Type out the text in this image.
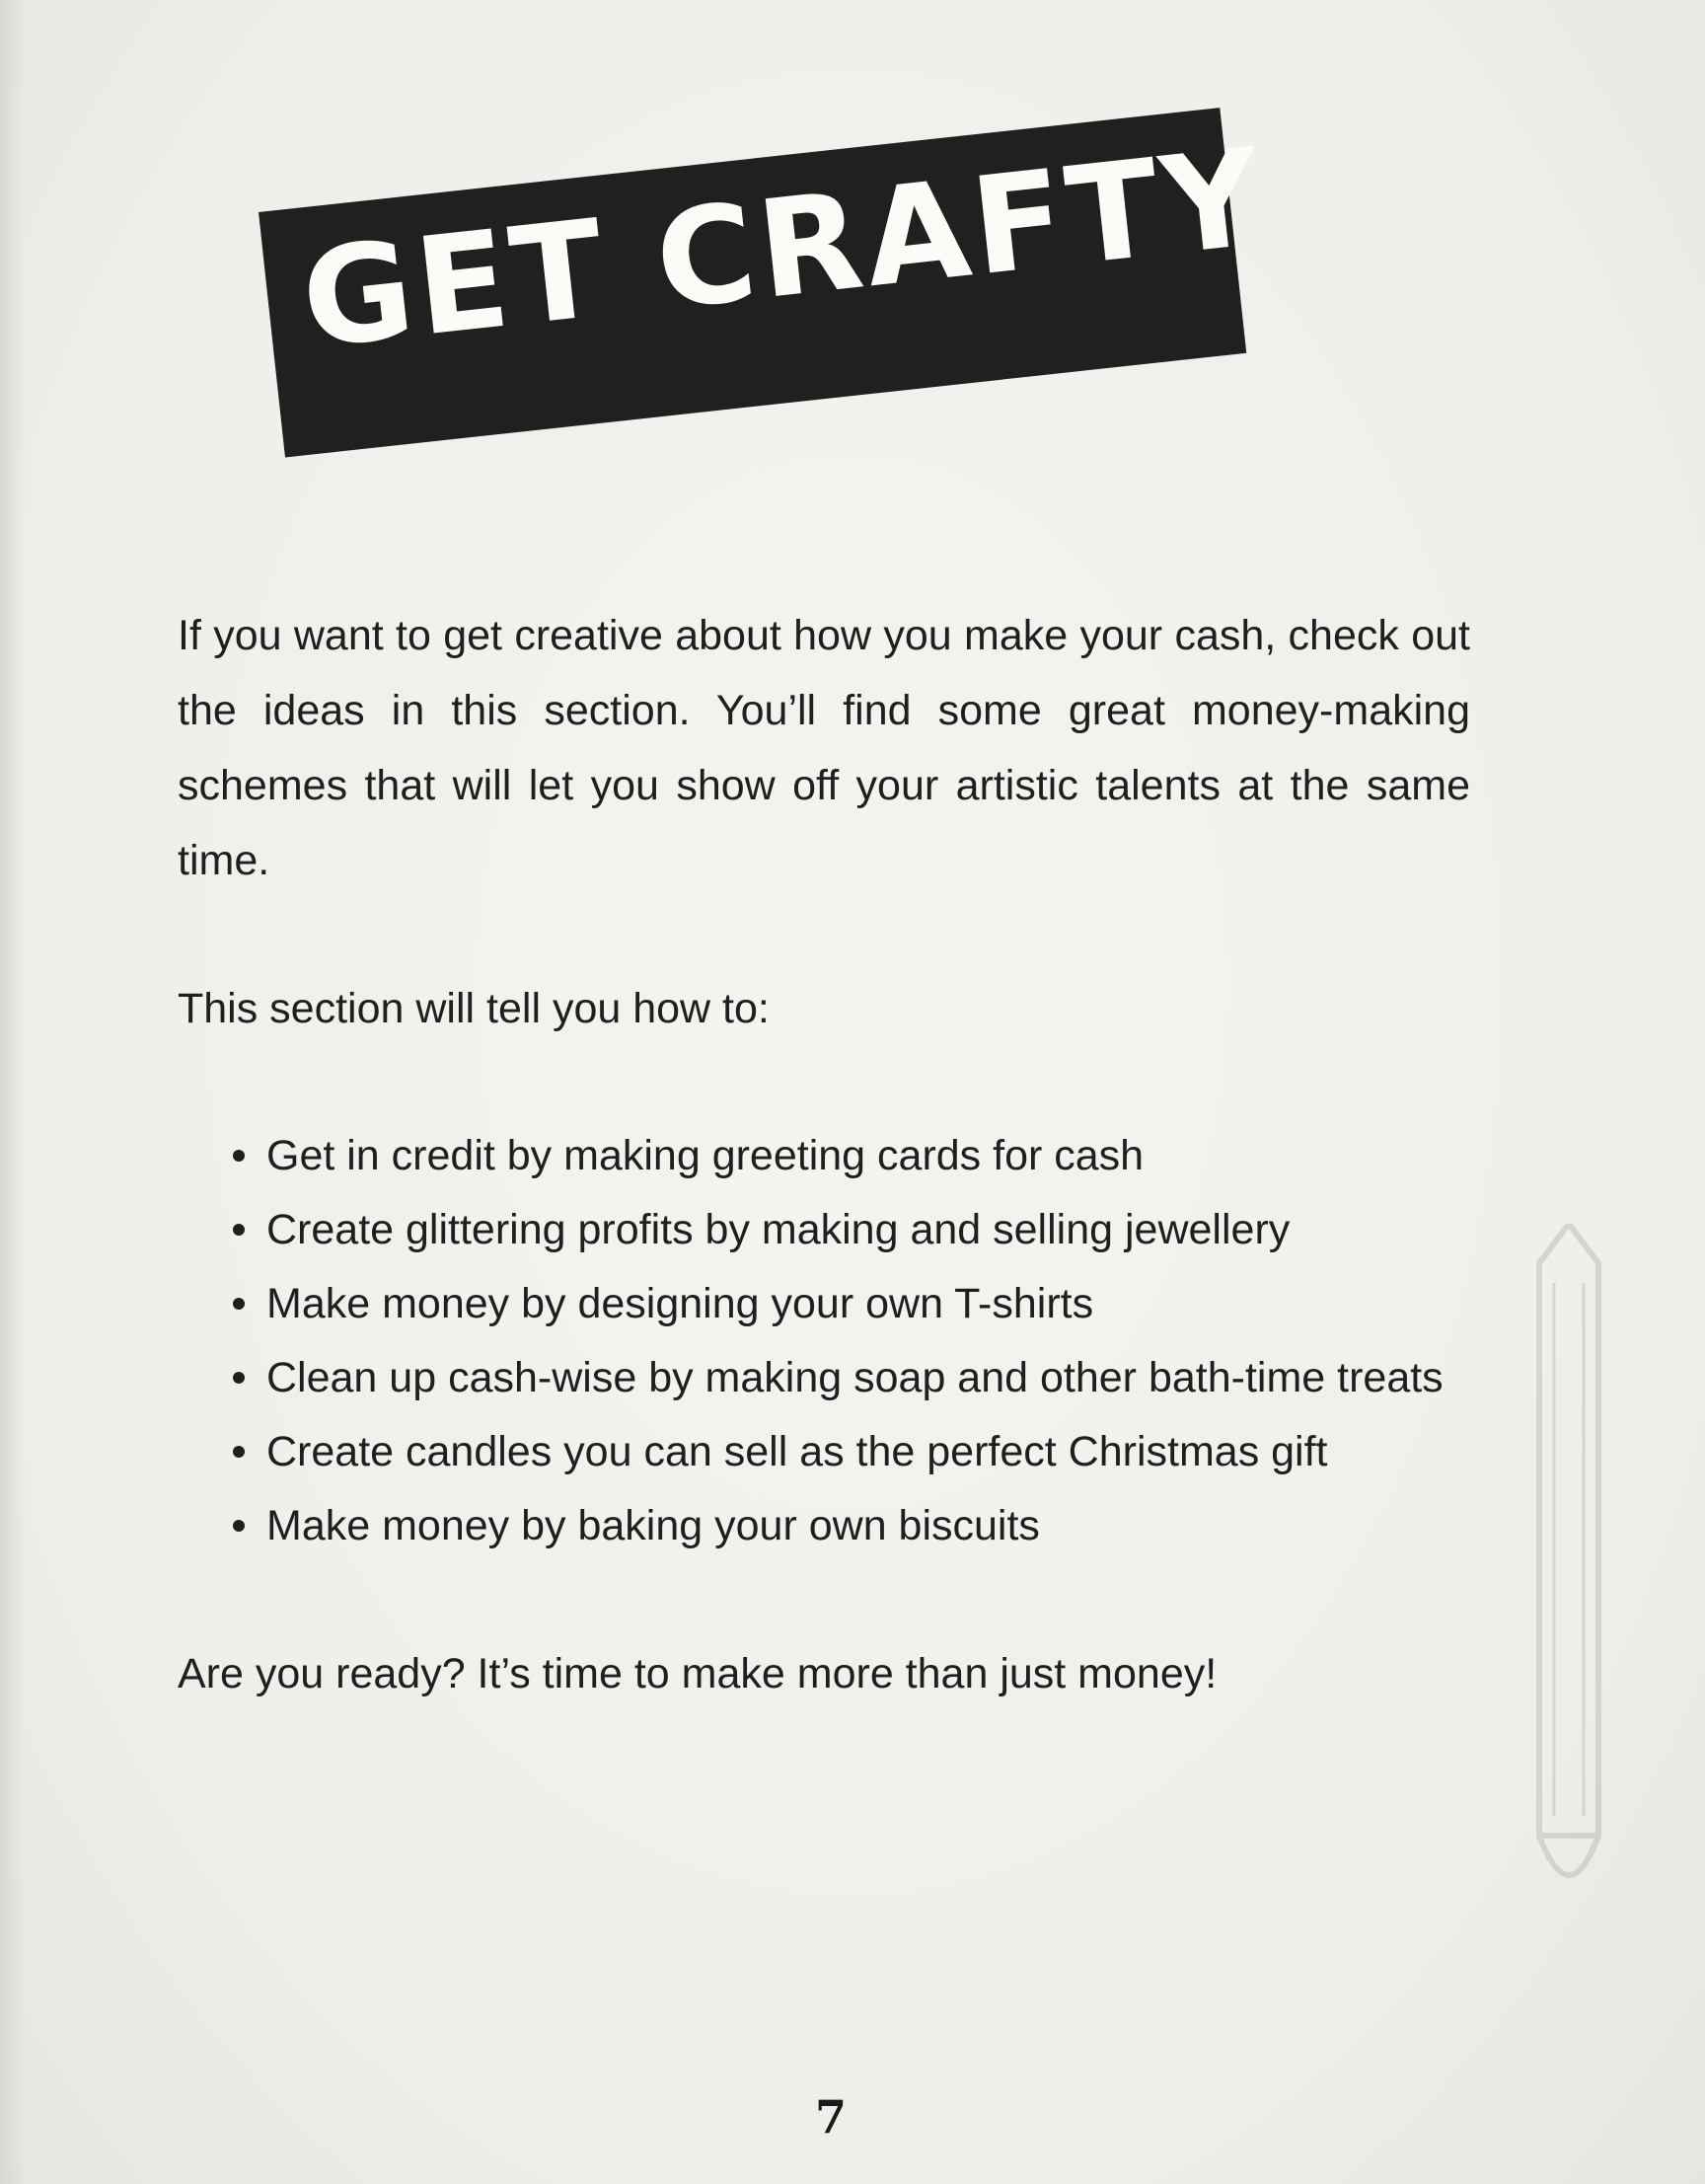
GET CRAFTY

If you want to get creative about how you make your cash, check out the ideas in this section. You’ll find some great money-making schemes that will let you show off your artistic talents at the same time.

This section will tell you how to:

Get in credit by making greeting cards for cash
Create glittering profits by making and selling jewellery
Make money by designing your own T-shirts
Clean up cash-wise by making soap and other bath-time treats
Create candles you can sell as the perfect Christmas gift
Make money by baking your own biscuits

Are you ready? It’s time to make more than just money!

7
